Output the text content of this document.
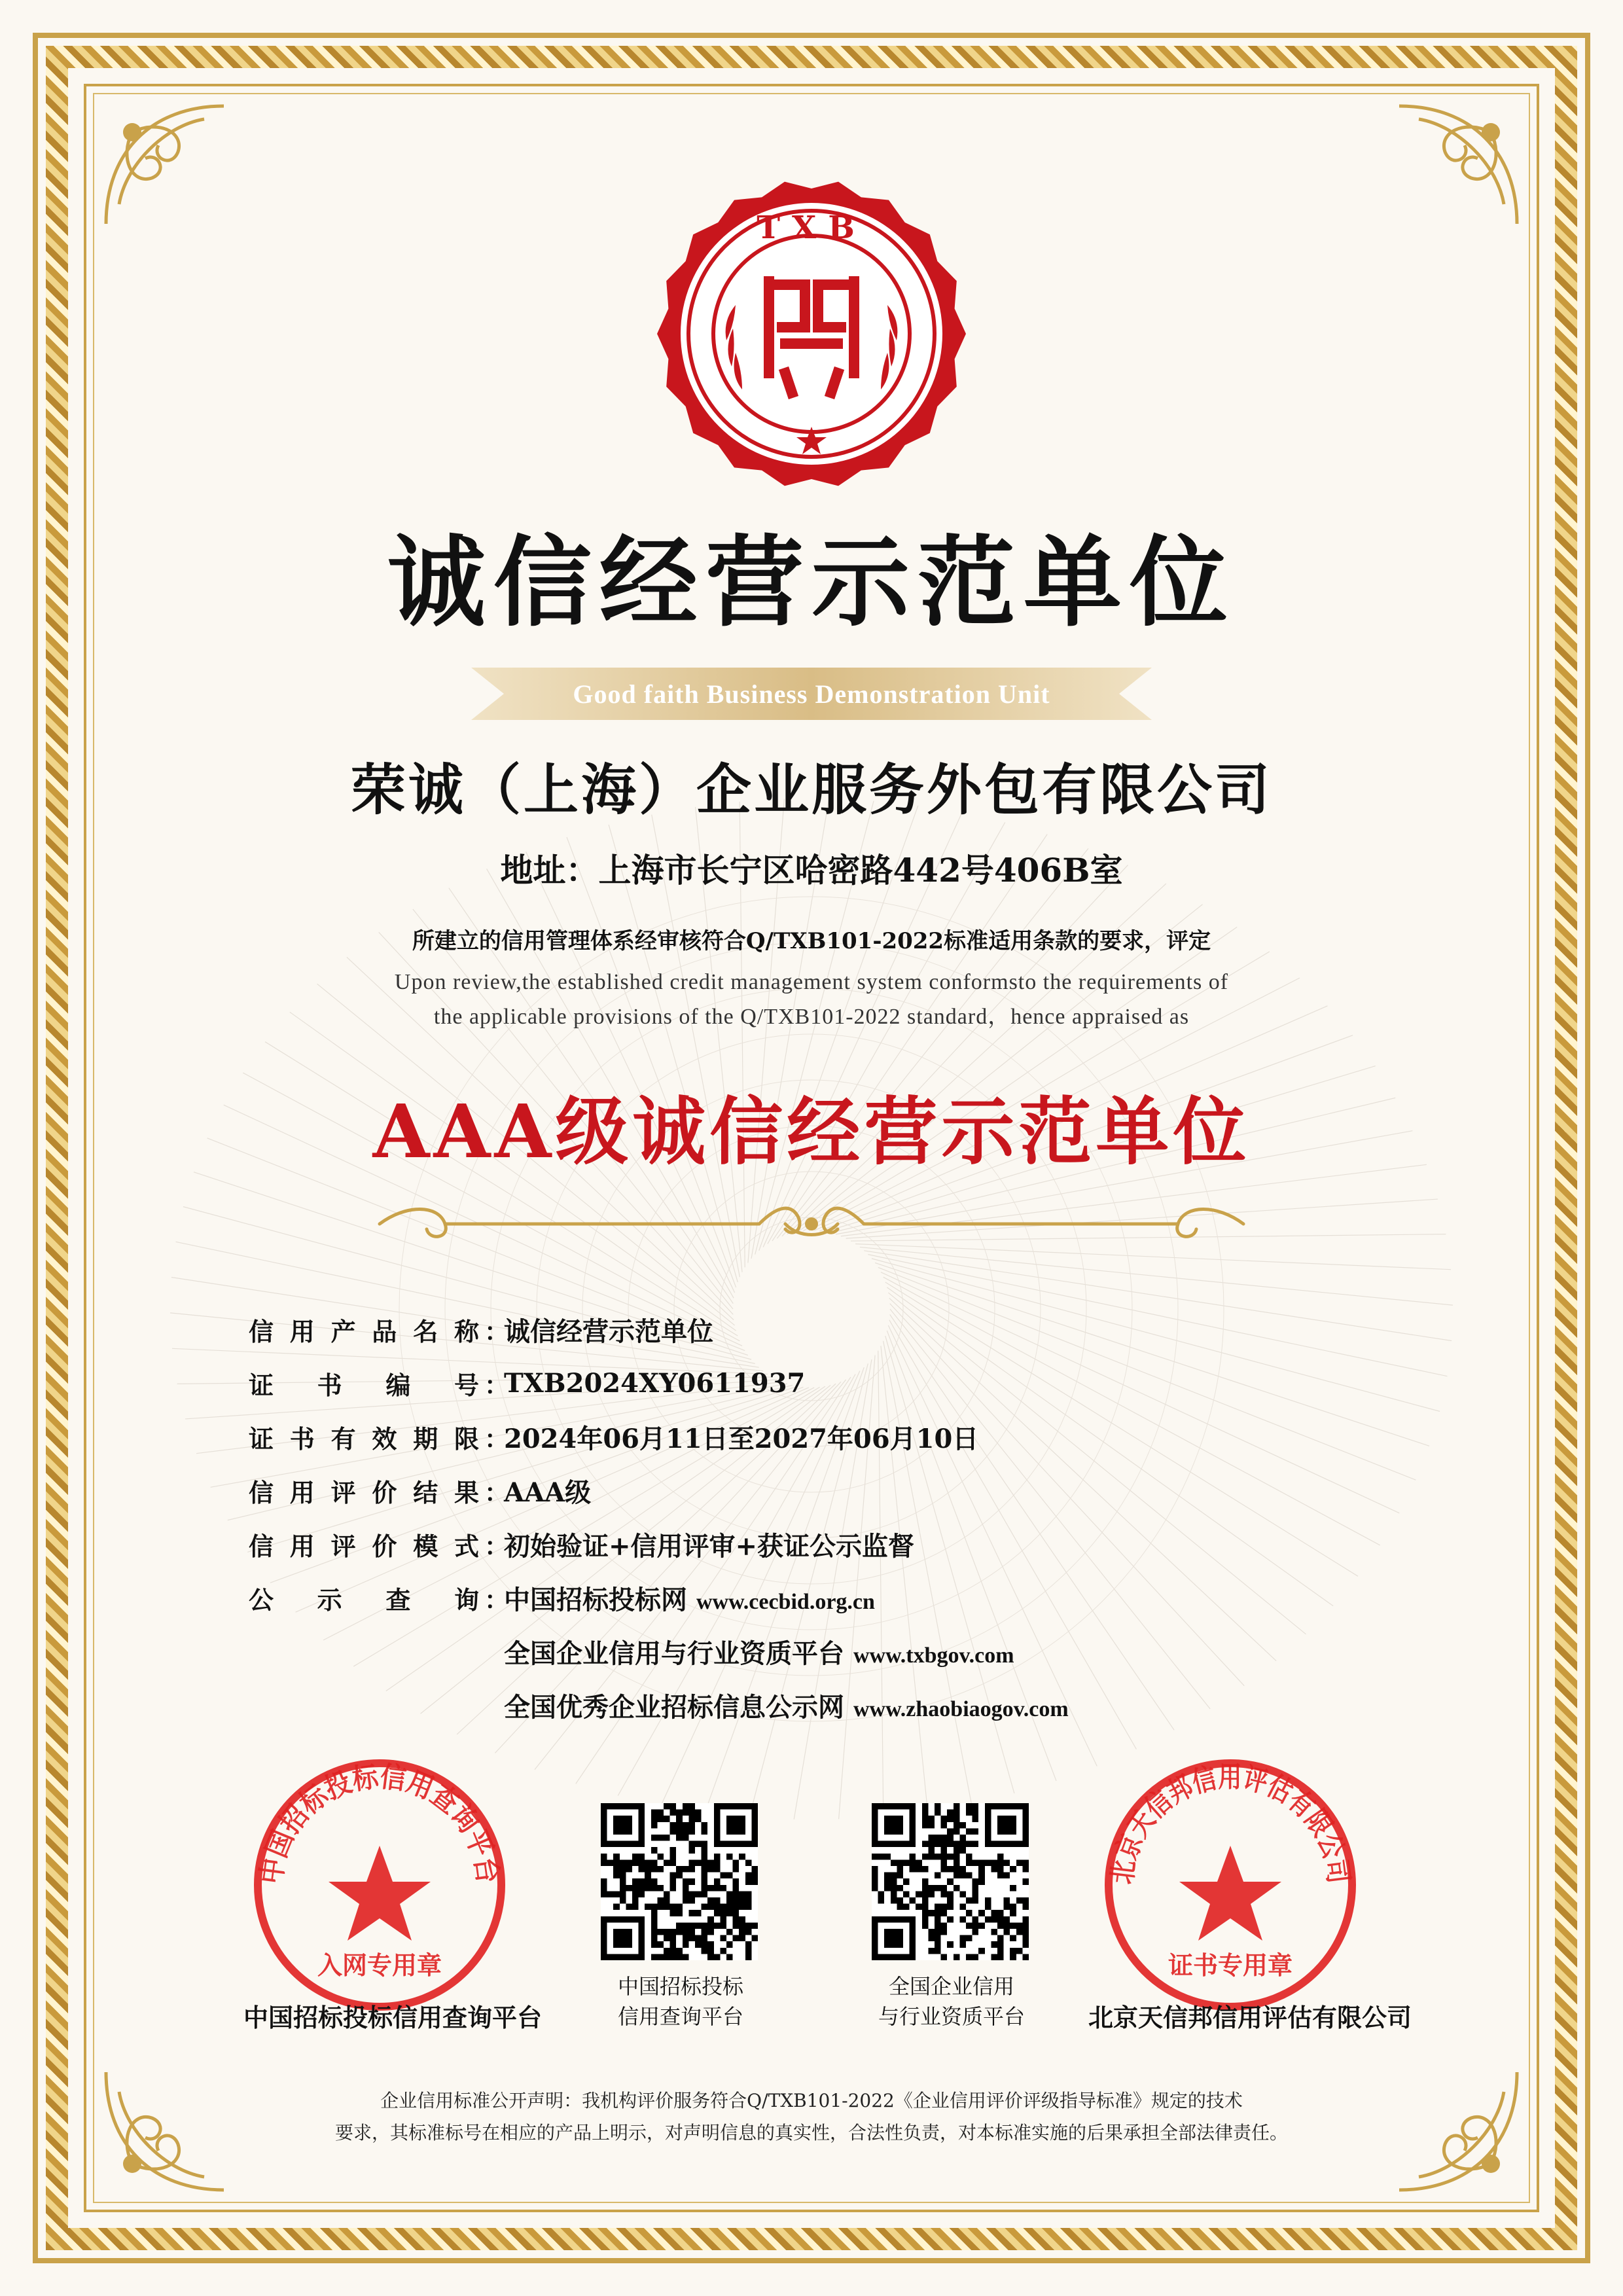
TXB
诚信经营示范单位
Good faith Business Demonstration Unit
荣诚（上海）企业服务外包有限公司
地址：上海市长宁区哈密路442号406B室
所建立的信用管理体系经审核符合Q/TXB101-2022标准适用条款的要求，评定
Upon review,the established credit management system conformsto the requirements of
the applicable provisions of the Q/TXB101-2022 standard，hence appraised as
AAA级诚信经营示范单位
信 用 产 品 名 称 ：
诚信经营示范单位
证 书 编 号 ：
TXB2024XY0611937
证 书 有 效 期 限 ：
2024年06月11日至2027年06月10日
信 用 评 价 结 果 ：
AAA级
信 用 评 价 模 式 ：
初始验证+信用评审+获证公示监督
公 示 查 询 ：
中国招标投标网 www.cecbid.org.cn
全国企业信用与行业资质平台 www.txbgov.com
全国优秀企业招标信息公示网 www.zhaobiaogov.com
中国招标投标信用查询平台
入网专用章
中国招标投标信用查询平台
北京天信邦信用评估有限公司
证书专用章
北京天信邦信用评估有限公司
中国招标投标
信用查询平台
全国企业信用
与行业资质平台
企业信用标准公开声明：我机构评价服务符合Q/TXB101-2022《企业信用评价评级指导标准》规定的技术
要求，其标准标号在相应的产品上明示，对声明信息的真实性，合法性负责，对本标准实施的后果承担全部法律责任。
